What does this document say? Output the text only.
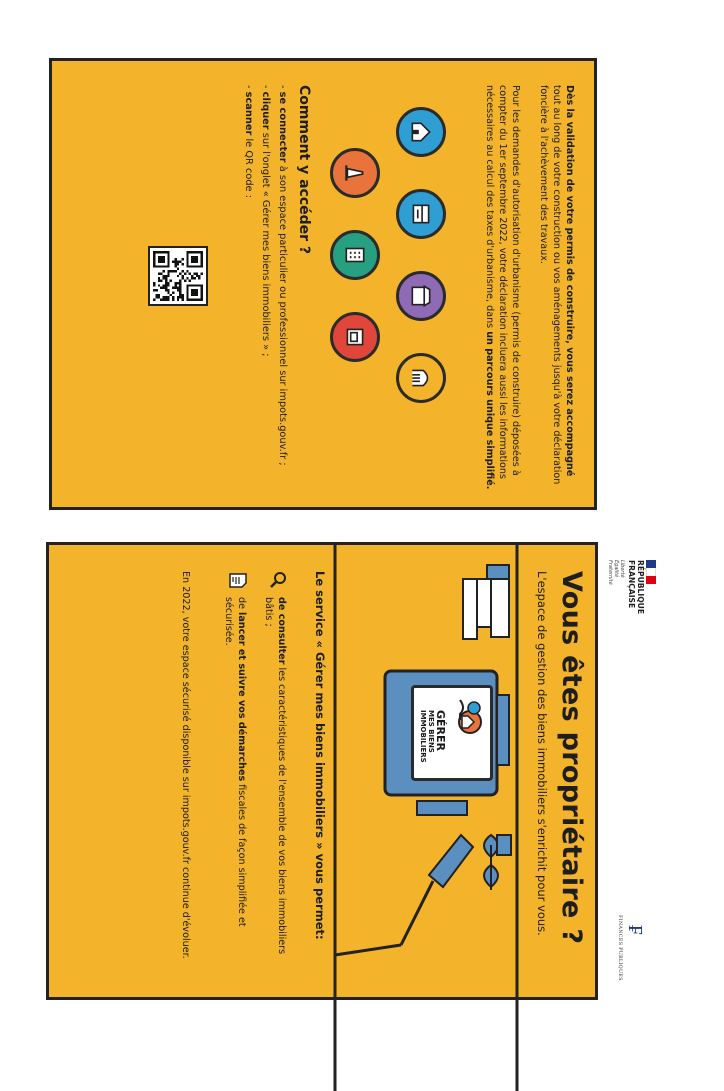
Dès la validation de votre permis de construire, vous serez accompagné tout au long de votre construction ou vos aménagements jusqu'à votre déclaration foncière à l'achèvement des travaux.

Pour les demandes d'autorisation d'urbanisme (permis de construire) déposées à compter du 1er septembre 2022, votre déclaration incluera aussi les informations nécessaires au calcul des taxes d'urbanisme, dans un parcours unique simplifié.

Comment y accéder ?
- se connecter à son espace particulier ou professionnel sur impots.gouv.fr ;
- cliquer sur l'onglet « Gérer mes biens immobiliers » ;
- scanner le QR code :
Vous êtes propriétaire ?

L'espace de gestion des biens immobiliers s'enrichit pour vous.

GÉRER
MES BIENS
IMMOBILIERS

Le service « Gérer mes biens immobiliers » vous permet:

de consulter les caractéristiques de l'ensemble de vos biens immobiliers bâtis ;
de lancer et suivre vos démarches fiscales de façon simplifiée et sécurisée.

En 2022, votre espace sécurisé disponible sur impots.gouv.fr continue d'évoluer.	RÉPUBLIQUE
FRANÇAISE
Liberté
Égalité
Fraternité
₣
FINANCES PUBLIQUES
